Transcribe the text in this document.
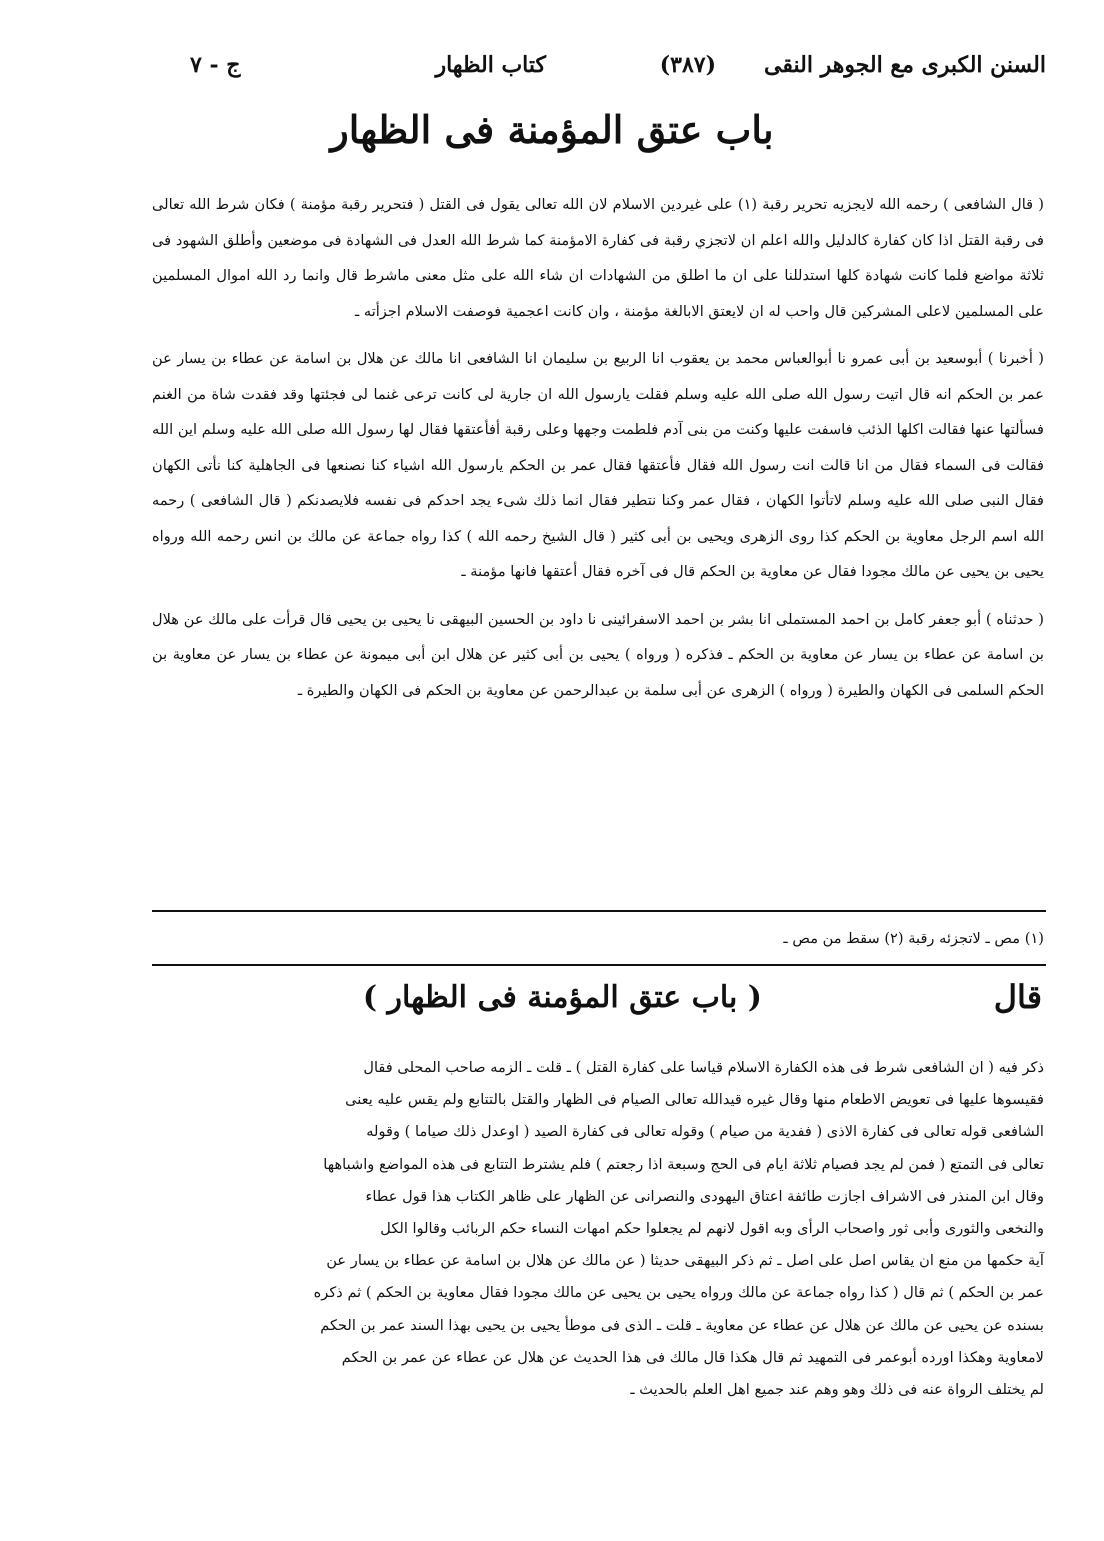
السنن الكبرى مع الجوهر النقى
(٣٨٧)
كتاب الظهار
ج - ٧
باب عتق المؤمنة فى الظهار

( قال الشافعى ) رحمه الله لايجزيه تحرير رقبة (١) على غيردين الاسلام لان الله تعالى يقول فى القتل ( فتحرير رقبة مؤمنة ) فكان شرط الله تعالى فى رقبة القتل اذا كان كفارة كالدليل والله اعلم ان لاتجزي رقبة فى كفارة الامؤمنة كما شرط الله العدل فى الشهادة فى موضعين وأطلق الشهود فى ثلاثة مواضع فلما كانت شهادة كلها استدللنا على ان ما اطلق من الشهادات ان شاء الله على مثل معنى ماشرط قال وانما رد الله اموال المسلمين على المسلمين لاعلى المشركين قال واحب له ان لايعتق الابالغة مؤمنة ، وان كانت اعجمية فوصفت الاسلام اجزأته ـ

( أخبرنا ) أبوسعيد بن أبى عمرو نا أبوالعباس محمد بن يعقوب انا الربيع بن سليمان انا الشافعى انا مالك عن هلال بن اسامة عن عطاء بن يسار عن عمر بن الحكم انه قال اتيت رسول الله صلى الله عليه وسلم فقلت يارسول الله ان جارية لى كانت ترعى غنما لى فجئتها وقد فقدت شاة من الغنم فسألتها عنها فقالت اكلها الذئب فاسفت عليها وكنت من بنى آدم فلطمت وجهها وعلى رقبة أفأعتقها فقال لها رسول الله صلى الله عليه وسلم اين الله فقالت فى السماء فقال من انا قالت انت رسول الله فقال فأعتقها فقال عمر بن الحكم يارسول الله اشياء كنا نصنعها فى الجاهلية كنا نأتى الكهان فقال النبى صلى الله عليه وسلم لاتأتوا الكهان ، فقال عمر وكنا نتطير فقال انما ذلك شىء يجد احدكم فى نفسه فلايصدنكم ( قال الشافعى ) رحمه الله اسم الرجل معاوية بن الحكم كذا روى الزهرى ويحيى بن أبى كثير ( قال الشيخ رحمه الله ) كذا رواه جماعة عن مالك بن انس رحمه الله ورواه يحيى بن يحيى عن مالك مجودا فقال عن معاوية بن الحكم قال فى آخره فقال أعتقها فانها مؤمنة ـ

( حدثناه ) أبو جعفر كامل بن احمد المستملى انا بشر بن احمد الاسفرائينى نا داود بن الحسين البيهقى نا يحيى بن يحيى قال قرأت على مالك عن هلال بن اسامة عن عطاء بن يسار عن معاوية بن الحكم ـ فذكره ( ورواه ) يحيى بن أبى كثير عن هلال ابن أبى ميمونة عن عطاء بن يسار عن معاوية بن الحكم السلمى فى الكهان والطيرة ( ورواه ) الزهرى عن أبى سلمة بن عبدالرحمن عن معاوية بن الحكم فى الكهان والطيرة ـ

(١) مص ـ لاتجزئه رقبة (٢) سقط من مص ـ
قال
( باب عتق المؤمنة فى الظهار )

ذكر فيه ( ان الشافعى شرط فى هذه الكفارة الاسلام قياسا على كفارة القتل ) ـ قلت ـ الزمه صاحب المحلى فقال

فقيسوها عليها فى تعويض الاطعام منها وقال غيره قيدالله تعالى الصيام فى الظهار والقتل بالتتابع ولم يقس عليه يعنى

الشافعى قوله تعالى فى كفارة الاذى ( ففدية من صيام ) وقوله تعالى فى كفارة الصيد ( اوعدل ذلك صياما ) وقوله

تعالى فى التمتع ( فمن لم يجد فصيام ثلاثة ايام فى الحج وسبعة اذا رجعتم ) فلم يشترط التتابع فى هذه المواضع واشباهها

وقال ابن المنذر فى الاشراف اجازت طائفة اعتاق اليهودى والنصرانى عن الظهار على ظاهر الكتاب هذا قول عطاء

والنخعى والثورى وأبى ثور واصحاب الرأى وبه اقول لانهم لم يجعلوا حكم امهات النساء حكم الربائب وقالوا الكل

آية حكمها من منع ان يقاس اصل على اصل ـ ثم ذكر البيهقى حديثا ( عن مالك عن هلال بن اسامة عن عطاء بن يسار عن

عمر بن الحكم ) ثم قال ( كذا رواه جماعة عن مالك ورواه يحيى بن يحيى عن مالك مجودا فقال معاوية بن الحكم ) ثم ذكره

بسنده عن يحيى عن مالك عن هلال عن عطاء عن معاوية ـ قلت ـ الذى فى موطأ يحيى بن يحيى بهذا السند عمر بن الحكم

لامعاوية وهكذا اورده أبوعمر فى التمهيد ثم قال هكذا قال مالك فى هذا الحديث عن هلال عن عطاء عن عمر بن الحكم

لم يختلف الرواة عنه فى ذلك وهو وهم عند جميع اهل العلم بالحديث ـ
